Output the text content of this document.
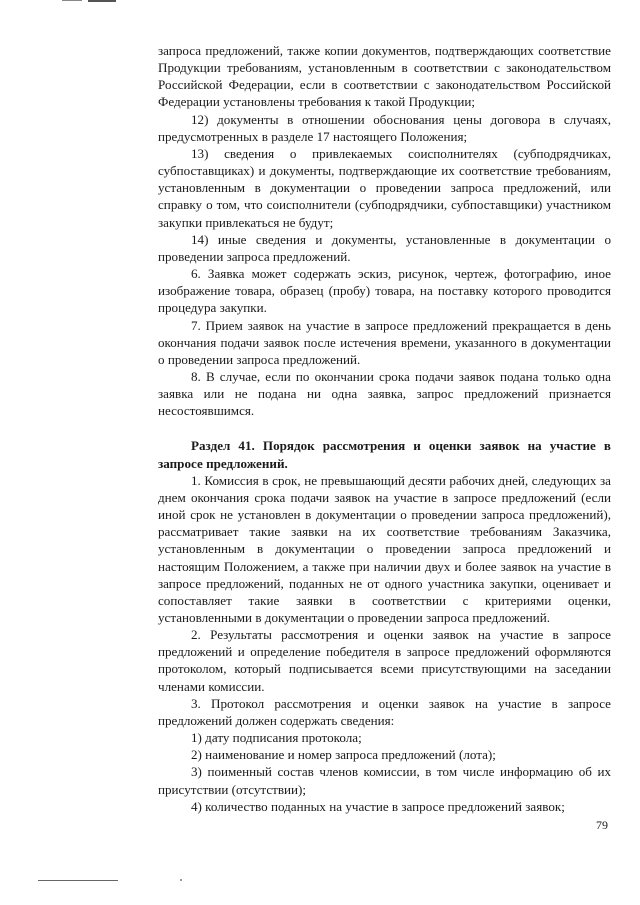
запроса предложений, также копии документов, подтверждающих соответствие Продукции требованиям, установленным в соответствии с законодательством Российской Федерации, если в соответствии с законодательством Российской Федерации установлены требования к такой Продукции;

12) документы в отношении обоснования цены договора в случаях, предусмотренных в разделе 17 настоящего Положения;

13) сведения о привлекаемых соисполнителях (субподрядчиках, субпоставщиках) и документы, подтверждающие их соответствие требованиям, установленным в документации о проведении запроса предложений, или справку о том, что соисполнители (субподрядчики, субпоставщики) участником закупки привлекаться не будут;

14) иные сведения и документы, установленные в документации о проведении запроса предложений.

6. Заявка может содержать эскиз, рисунок, чертеж, фотографию, иное изображение товара, образец (пробу) товара, на поставку которого проводится процедура закупки.

7. Прием заявок на участие в запросе предложений прекращается в день окончания подачи заявок после истечения времени, указанного в документации о проведении запроса предложений.

8. В случае, если по окончании срока подачи заявок подана только одна заявка или не подана ни одна заявка, запрос предложений признается несостоявшимся.

Раздел 41. Порядок рассмотрения и оценки заявок на участие в запросе предложений.

1. Комиссия в срок, не превышающий десяти рабочих дней, следующих за днем окончания срока подачи заявок на участие в запросе предложений (если иной срок не установлен в документации о проведении запроса предложений), рассматривает такие заявки на их соответствие требованиям Заказчика, установленным в документации о проведении запроса предложений и настоящим Положением, а также при наличии двух и более заявок на участие в запросе предложений, поданных не от одного участника закупки, оценивает и сопоставляет такие заявки в соответствии с критериями оценки, установленными в документации о проведении запроса предложений.

2. Результаты рассмотрения и оценки заявок на участие в запросе предложений и определение победителя в запросе предложений оформляются протоколом, который подписывается всеми присутствующими на заседании членами комиссии.

3. Протокол рассмотрения и оценки заявок на участие в запросе предложений должен содержать сведения:

1) дату подписания протокола;

2) наименование и номер запроса предложений (лота);

3) поименный состав членов комиссии, в том числе информацию об их присутствии (отсутствии);

4) количество поданных на участие в запросе предложений заявок;

79
